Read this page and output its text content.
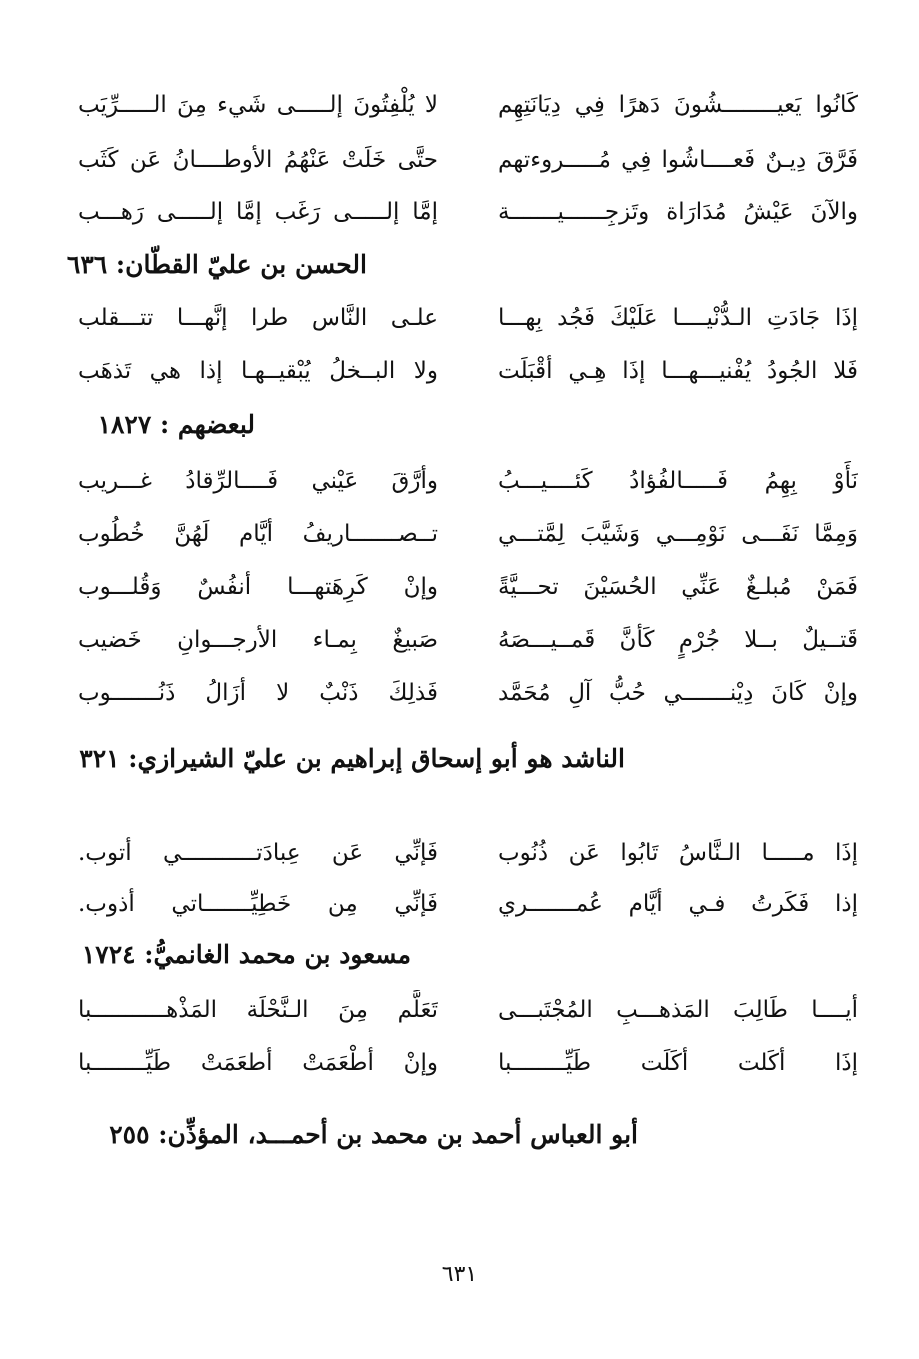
كَانُوا يَعيــــــــشُونَ دَهرًا فِي دِيَانَتِهِم
لا يُلْفِتُونَ إلـــــى شَيء مِنَ الـــــرِّيَب
فَرَّقَ دِيـنٌ فَعــــاشُوا فِي مُـــــروءتهم
حتَّى خَلَتْ عَنْهُمُ الأوطــــانُ عَن كَثَب
والآنَ عَيْشُ مُدَارَاة وتَزجِــــــيـــــــة
إمَّا إلـــــى رَغَب إمَّا إلـــــى رَهـــب
الحسن بن عليّ القطّان: ٦٣٦
إذَا جَادَتِ الـدُّنْيــــا عَلَيْكَ فَجُد بِهـــا
علـى النَّاس طرا إنَّهـــا تتـــقلب
فَلا الجُودُ يُفْنيـــهـــا إذَا هِـي أقْبَلَت
ولا البــخلُ يُبْقيــهـا إذا هي تَذهَب
لبعضهم : ١٨٢٧
نَأَوْ بِهِمُ فَـــــالفُؤادُ كَئــــيـــبُ
وأرَّقَ عَيْني فَــــالرِّقادُ غـــريب
وَمِمَّا نَفَـــى نَوْمِـــي وَشَيَّبَ لِمَّتـــي
تــصـــــــاريفُ أيَّام لَهُنَّ خُطُوب
فَمَنْ مُبلـغٌ عَنِّي الحُسَيْنَ تحـــيَّةً
وإنْ كَرِهَتهـــا أنفُسٌ وَقُلـــوب
قَتــيلٌ بــلا جُرْمٍ كَأنَّ قَمــيـــصَهُ
صَبيغٌ بِمـاء الأرجـــوانِ خَضيب
وإنْ كَانَ دِيْنـــــــي حُبُّ آلِ مُحَمَّد
فَذلِكَ ذَنْبٌ لا أزَالُ ذَنُـــــــوب
الناشد هو أبو إسحاق إبراهيم بن عليّ الشيرازي: ٣٢١
إذَا مـــــا الـنَّاسُ تَابُوا عَن ذُنُوب
فَإنِّي عَن عِبادَتـــــــــــي أتوب.
إذا فَكَرتُ فـي أيَّام عُمـــــــري
فَإنِّي مِن خَطِيِّـــــــاتي أذوب.
مسعود بن محمد الغانميُّ: ١٧٢٤
أيــــا طَالِبَ المَذهـــبِ المُجْتَبـــى
تَعَلَّم مِنَ الـنَّحْلَة المَذْهـــــــــــبا
إذَا أكَلت أكَلَت طَيِّــــــــبا
وإنْ أطْعَمَتْ أطعَمَتْ طَيِّــــــــبا
أبو العباس أحمد بن محمد بن أحمـــد، المؤذِّن: ٢٥٥
٦٣١
